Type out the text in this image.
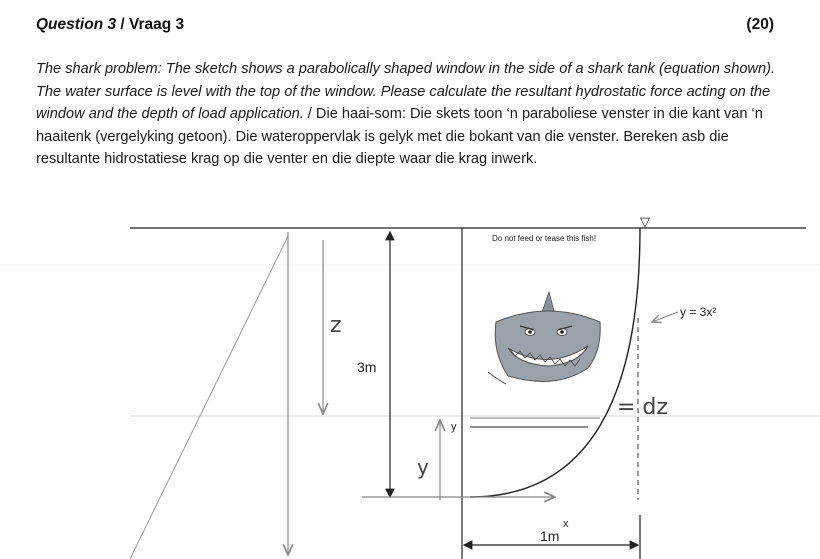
Question 3 / Vraag 3	(20)
The shark problem: The sketch shows a parabolically shaped window in the side of a shark tank (equation shown). The water surface is level with the top of the window. Please calculate the resultant hydrostatic force acting on the window and the depth of load application. / Die haai-som: Die skets toon ‘n paraboliese venster in die kant van ‘n haaitenk (vergelyking getoon). Die wateroppervlak is gelyk met die bokant van die venster. Bereken asb die resultante hidrostatiese krag op die venter en die diepte waar die krag inwerk.
▽
z
3m
Do not feed or tease this fish!
y = 3x²
= dz
y
y
1m
x
